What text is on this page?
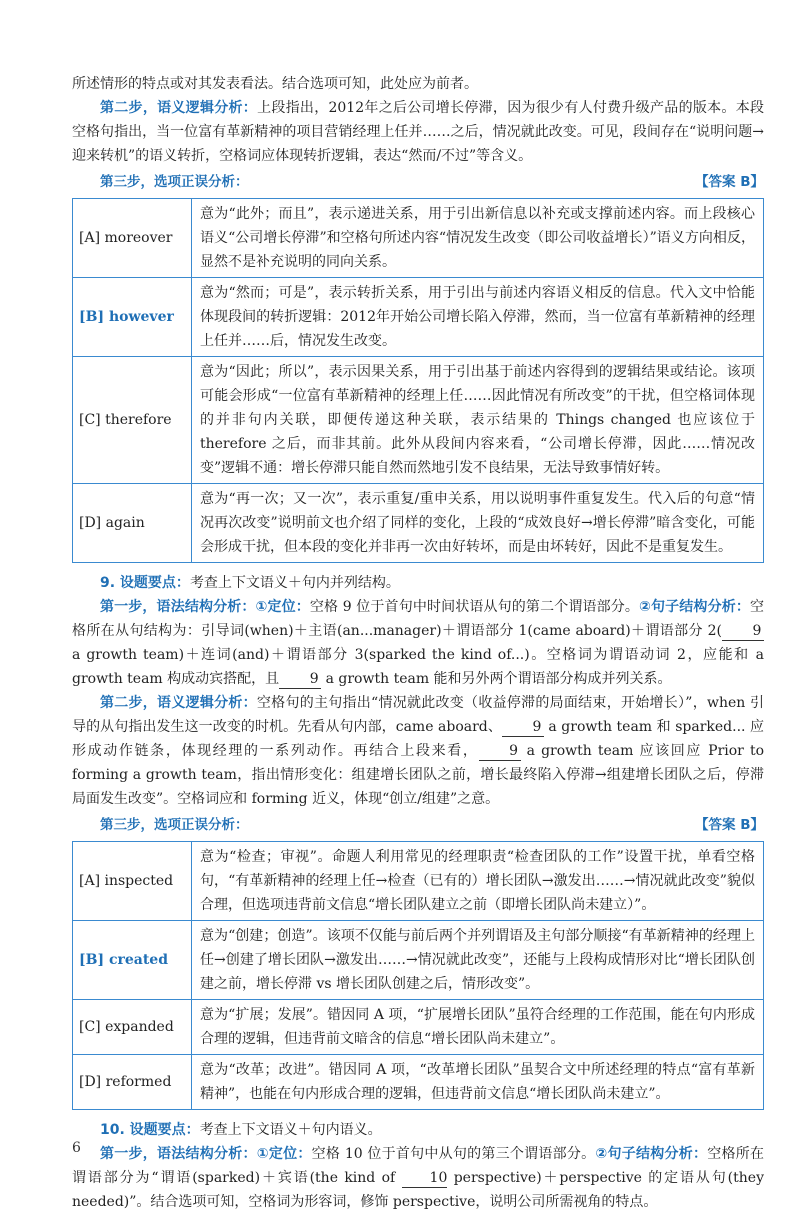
所述情形的特点或对其发表看法。结合选项可知，此处应为前者。

第二步，语义逻辑分析：上段指出，2012年之后公司增长停滞，因为很少有人付费升级产品的版本。本段空格句指出，当一位富有革新精神的项目营销经理上任并……之后，情况就此改变。可见，段间存在“说明问题→迎来转机”的语义转折，空格词应体现转折逻辑，表达“然而/不过”等含义。

第三步，选项正误分析：	【答案 B】
[A] moreover	意为“此外；而且”，表示递进关系，用于引出新信息以补充或支撑前述内容。而上段核心语义“公司增长停滞”和空格句所述内容“情况发生改变（即公司收益增长）”语义方向相反，显然不是补充说明的同向关系。
[B] however	意为“然而；可是”，表示转折关系，用于引出与前述内容语义相反的信息。代入文中恰能体现段间的转折逻辑：2012年开始公司增长陷入停滞，然而，当一位富有革新精神的经理上任并……后，情况发生改变。
[C] therefore	意为“因此；所以”，表示因果关系，用于引出基于前述内容得到的逻辑结果或结论。该项可能会形成“一位富有革新精神的经理上任……因此情况有所改变”的干扰，但空格词体现的并非句内关联，即便传递这种关联，表示结果的 Things changed 也应该位于 therefore 之后，而非其前。此外从段间内容来看，“公司增长停滞，因此……情况改变”逻辑不通：增长停滞只能自然而然地引发不良结果，无法导致事情好转。
[D] again	意为“再一次；又一次”，表示重复/重申关系，用以说明事件重复发生。代入后的句意“情况再次改变”说明前文也介绍了同样的变化，上段的“成效良好→增长停滞”暗含变化，可能会形成干扰，但本段的变化并非再一次由好转坏，而是由坏转好，因此不是重复发生。

9. 设题要点：考查上下文语义＋句内并列结构。

第一步，语法结构分析：①定位：空格 9 位于首句中时间状语从句的第二个谓语部分。②句子结构分析：空格所在从句结构为：引导词(when)＋主语(an...manager)＋谓语部分 1(came aboard)＋谓语部分 2( 9 a growth team)＋连词(and)＋谓语部分 3(sparked the kind of...)。空格词为谓语动词 2，应能和 a growth team 构成动宾搭配，且 9 a growth team 能和另外两个谓语部分构成并列关系。

第二步，语义逻辑分析：空格句的主句指出“情况就此改变（收益停滞的局面结束，开始增长）”，when 引导的从句指出发生这一改变的时机。先看从句内部，came aboard、 9 a growth team 和 sparked... 应形成动作链条，体现经理的一系列动作。再结合上段来看， 9 a growth team 应该回应 Prior to forming a growth team，指出情形变化：组建增长团队之前，增长最终陷入停滞→组建增长团队之后，停滞局面发生改变”。空格词应和 forming 近义，体现“创立/组建”之意。

第三步，选项正误分析：	【答案 B】
[A] inspected	意为“检查；审视”。命题人利用常见的经理职责“检查团队的工作”设置干扰，单看空格句，“有革新精神的经理上任→检查（已有的）增长团队→激发出……→情况就此改变”貌似合理，但选项违背前文信息“增长团队建立之前（即增长团队尚未建立）”。
[B] created	意为“创建；创造”。该项不仅能与前后两个并列谓语及主句部分顺接“有革新精神的经理上任→创建了增长团队→激发出……→情况就此改变”，还能与上段构成情形对比“增长团队创建之前，增长停滞 vs 增长团队创建之后，情形改变”。
[C] expanded	意为“扩展；发展”。错因同 A 项，“扩展增长团队”虽符合经理的工作范围，能在句内形成合理的逻辑，但违背前文暗含的信息“增长团队尚未建立”。
[D] reformed	意为“改革；改进”。错因同 A 项，“改革增长团队”虽契合文中所述经理的特点“富有革新精神”，也能在句内形成合理的逻辑，但违背前文信息“增长团队尚未建立”。

10. 设题要点：考查上下文语义＋句内语义。

第一步，语法结构分析：①定位：空格 10 位于首句中从句的第三个谓语部分。②句子结构分析：空格所在谓语部分为“谓语(sparked)＋宾语(the kind of 10 perspective)＋perspective 的定语从句(they needed)”。结合选项可知，空格词为形容词，修饰 perspective，说明公司所需视角的特点。

6
